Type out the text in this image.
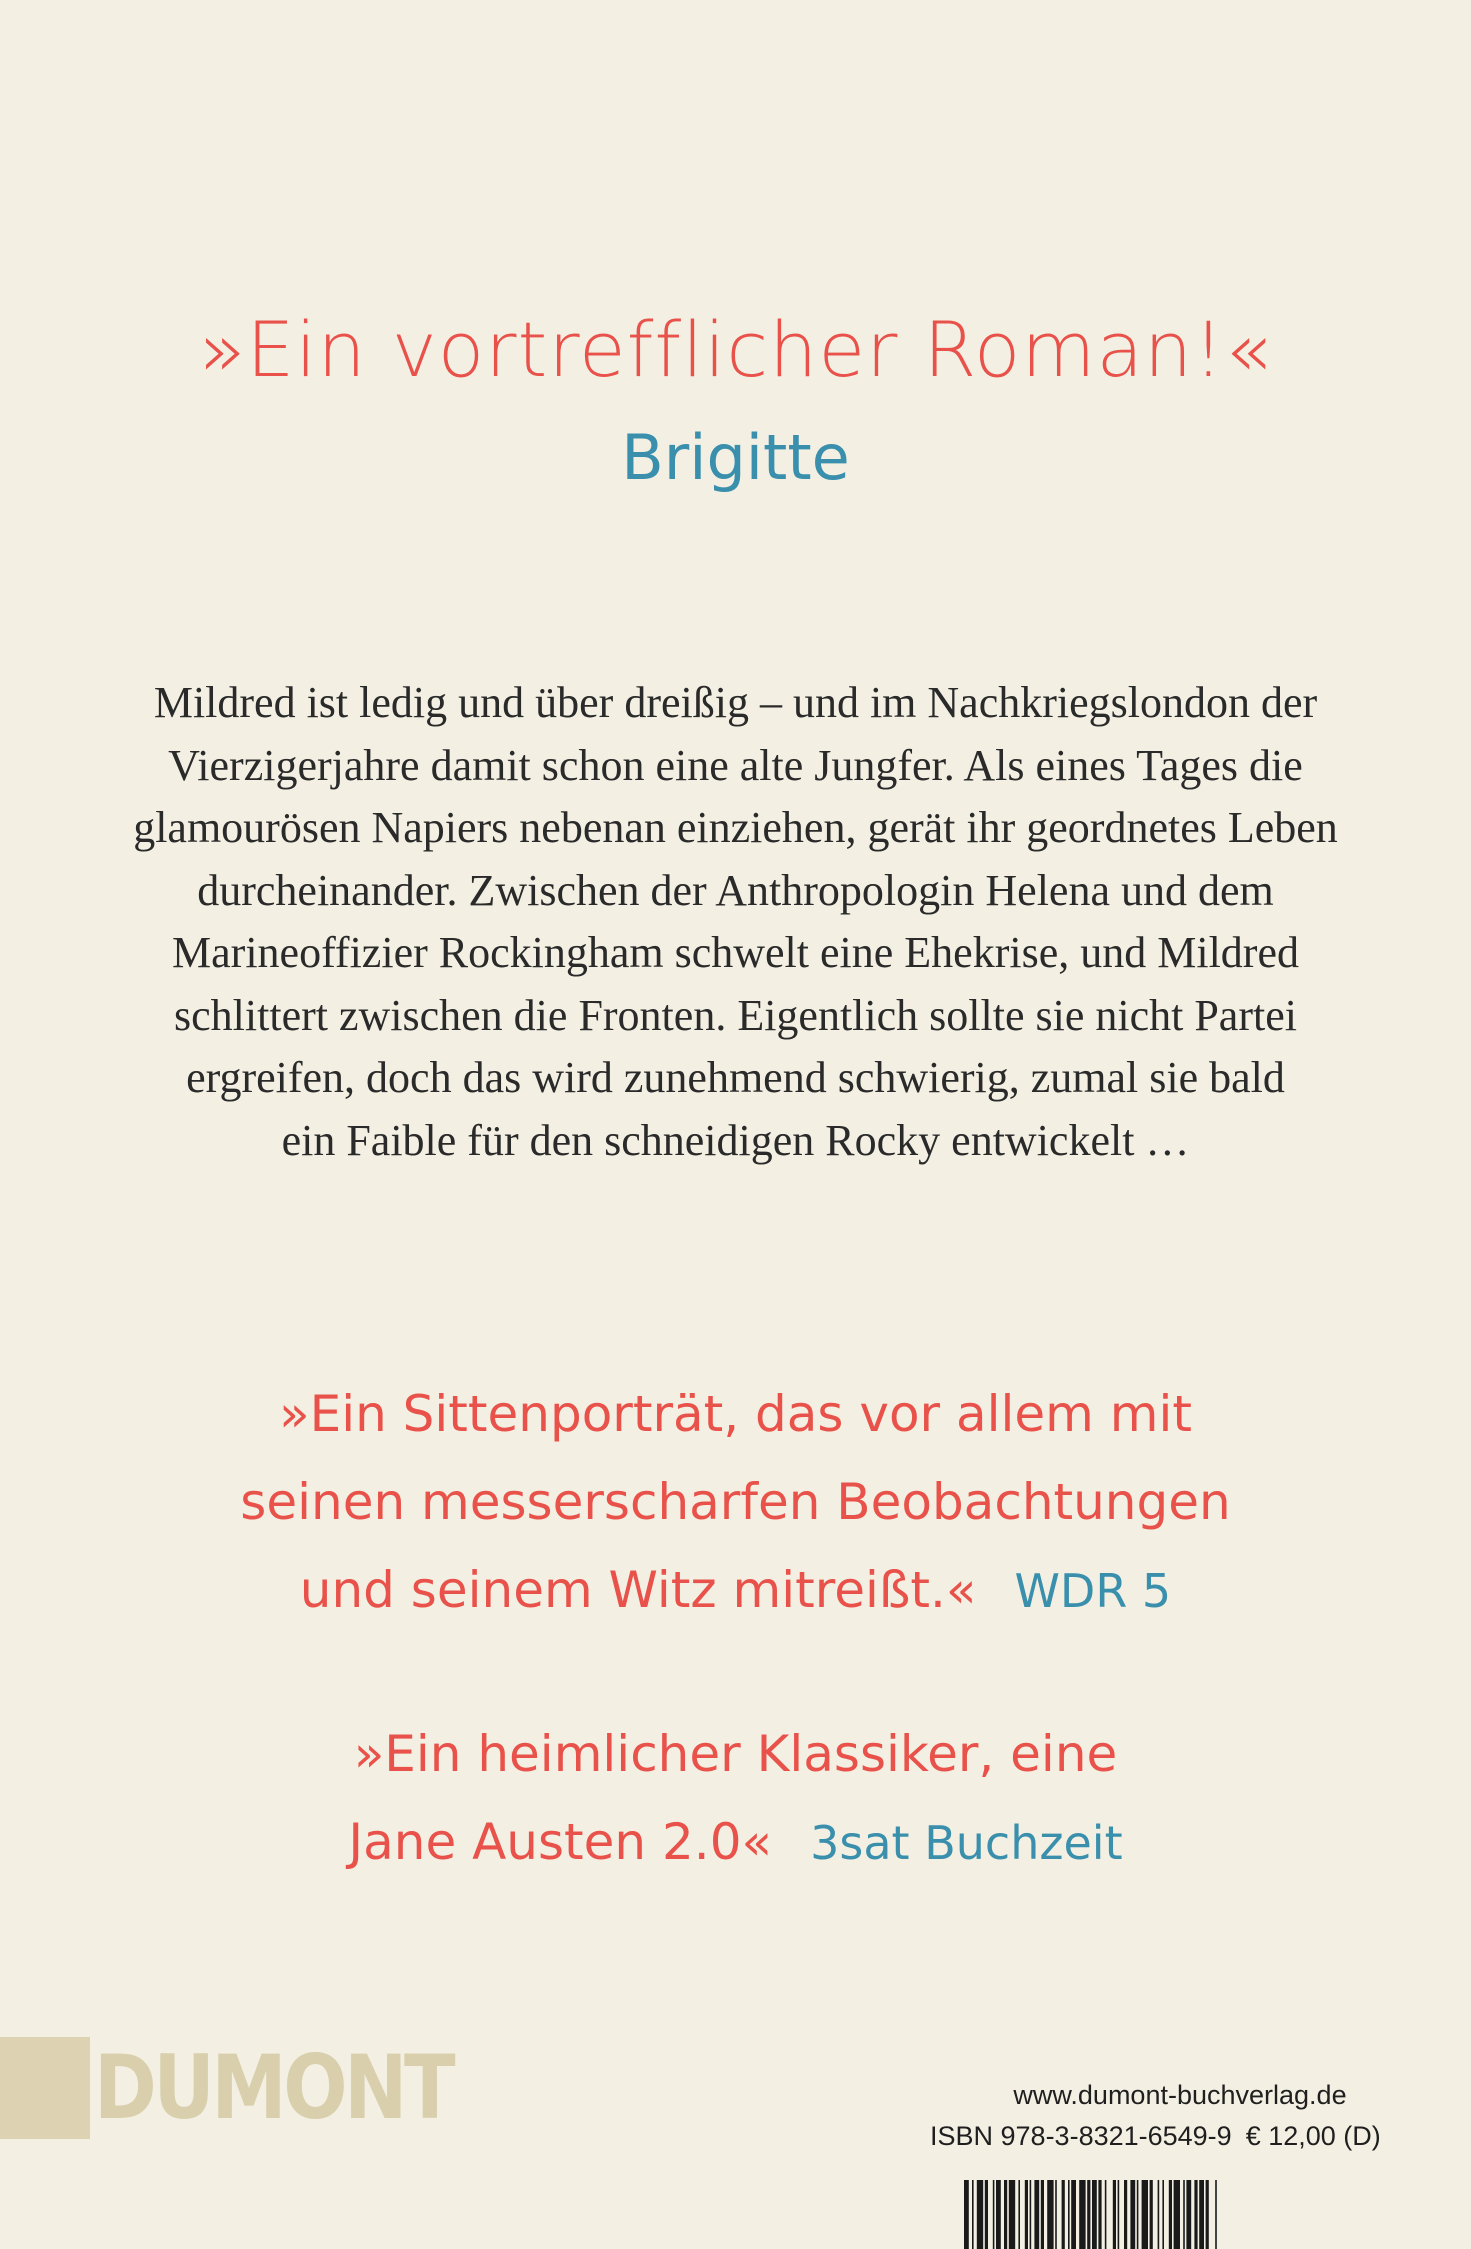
»Ein vortrefflicher Roman!«
Brigitte
Mildred ist ledig und über dreißig – und im Nachkriegslondon der
Vierzigerjahre damit schon eine alte Jungfer. Als eines Tages die
glamourösen Napiers nebenan einziehen, gerät ihr geordnetes Leben
durcheinander. Zwischen der Anthropologin Helena und dem
Marineoffizier Rockingham schwelt eine Ehekrise, und Mildred
schlittert zwischen die Fronten. Eigentlich sollte sie nicht Partei
ergreifen, doch das wird zunehmend schwierig, zumal sie bald
ein Faible für den schneidigen Rocky entwickelt …
»Ein Sittenporträt, das vor allem mit
seinen messerscharfen Beobachtungen
und seinem Witz mitreißt.« WDR 5
»Ein heimlicher Klassiker, eine
Jane Austen 2.0« 3sat Buchzeit
DUMONT	www.dumont-buchverlag.de
ISBN 978-3-8321-6549-9 € 12,00 (D)
